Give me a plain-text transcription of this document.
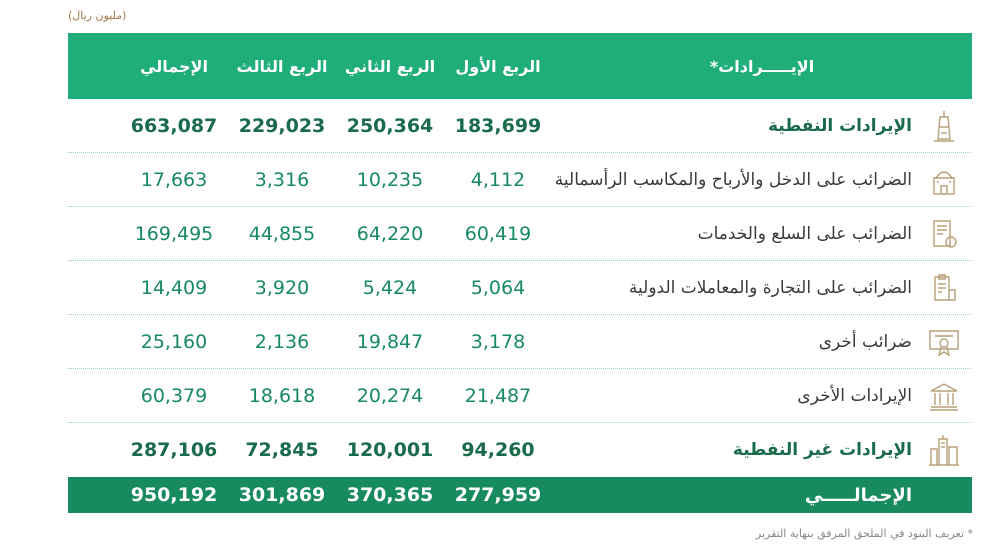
(مليون ريال)
الإيـــــرادات*
الربع الأول
الربع الثاني
الربع الثالث
الإجمالي
الإيرادات النفطية
183,699
250,364
229,023
663,087
الضرائب على الدخل والأرباح والمكاسب الرأسمالية
4,112
10,235
3,316
17,663
الضرائب على السلع والخدمات
60,419
64,220
44,855
169,495
الضرائب على التجارة والمعاملات الدولية
5,064
5,424
3,920
14,409
ضرائب أخرى
3,178
19,847
2,136
25,160
الإيرادات الأخرى
21,487
20,274
18,618
60,379
الإيرادات غير النفطية
94,260
120,001
72,845
287,106
الإجمالـــــي
277,959
370,365
301,869
950,192
* تعريف البنود في الملحق المرفق بنهاية التقرير
